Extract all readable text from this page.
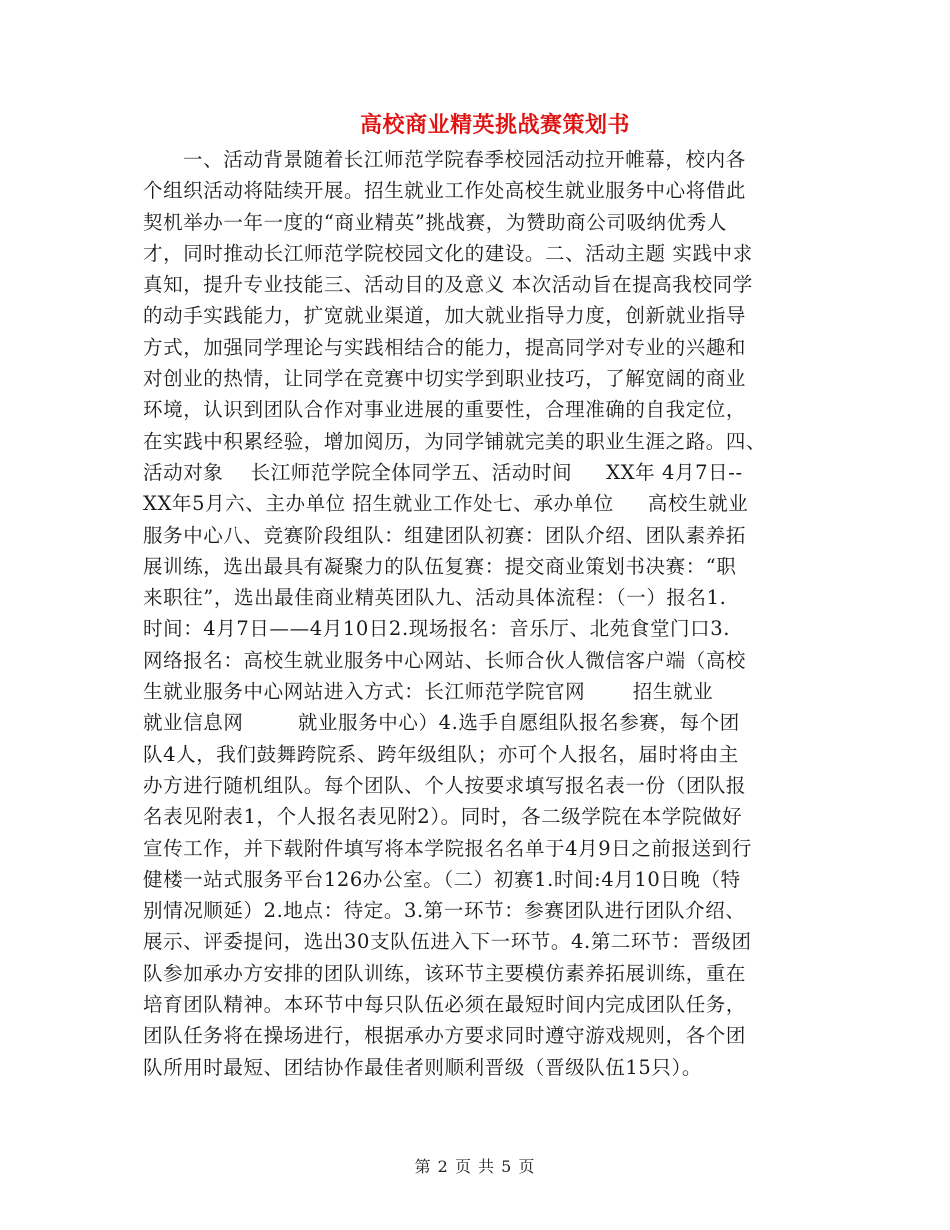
高校商业精英挑战赛策划书
一、活动背景随着长江师范学院春季校园活动拉开帷幕，校内各
个组织活动将陆续开展。招生就业工作处高校生就业服务中心将借此
契机举办一年一度的“商业精英”挑战赛，为赞助商公司吸纳优秀人
才，同时推动长江师范学院校园文化的建设。二、活动主题 实践中求
真知，提升专业技能三、活动目的及意义 本次活动旨在提高我校同学
的动手实践能力，扩宽就业渠道，加大就业指导力度，创新就业指导
方式，加强同学理论与实践相结合的能力，提高同学对专业的兴趣和
对创业的热情，让同学在竞赛中切实学到职业技巧，了解宽阔的商业
环境，认识到团队合作对事业进展的重要性，合理准确的自我定位，
在实践中积累经验，增加阅历，为同学铺就完美的职业生涯之路。四、
活动对象    长江师范学院全体同学五、活动时间     XX年 4月7日--
XX年5月六、主办单位 招生就业工作处七、承办单位     高校生就业
服务中心八、竞赛阶段组队：组建团队初赛：团队介绍、团队素养拓
展训练，选出最具有凝聚力的队伍复赛：提交商业策划书决赛：“职
来职往”，选出最佳商业精英团队九、活动具体流程：（一）报名1.
时间：4月7日——4月10日2.现场报名：音乐厅、北苑食堂门口3.
网络报名：高校生就业服务中心网站、长师合伙人微信客户端（高校
生就业服务中心网站进入方式：长江师范学院官网       招生就业
就业信息网        就业服务中心）4.选手自愿组队报名参赛，每个团
队4人，我们鼓舞跨院系、跨年级组队；亦可个人报名，届时将由主
办方进行随机组队。每个团队、个人按要求填写报名表一份（团队报
名表见附表1，个人报名表见附2）。同时，各二级学院在本学院做好
宣传工作，并下载附件填写将本学院报名名单于4月9日之前报送到行
健楼一站式服务平台126办公室。（二）初赛1.时间:4月10日晚（特
别情况顺延）2.地点：待定。3.第一环节：参赛团队进行团队介绍、
展示、评委提问，选出30支队伍进入下一环节。4.第二环节：晋级团
队参加承办方安排的团队训练，该环节主要模仿素养拓展训练，重在
培育团队精神。本环节中每只队伍必须在最短时间内完成团队任务，
团队任务将在操场进行，根据承办方要求同时遵守游戏规则，各个团
队所用时最短、团结协作最佳者则顺利晋级（晋级队伍15只）。
第 2 页 共 5 页
